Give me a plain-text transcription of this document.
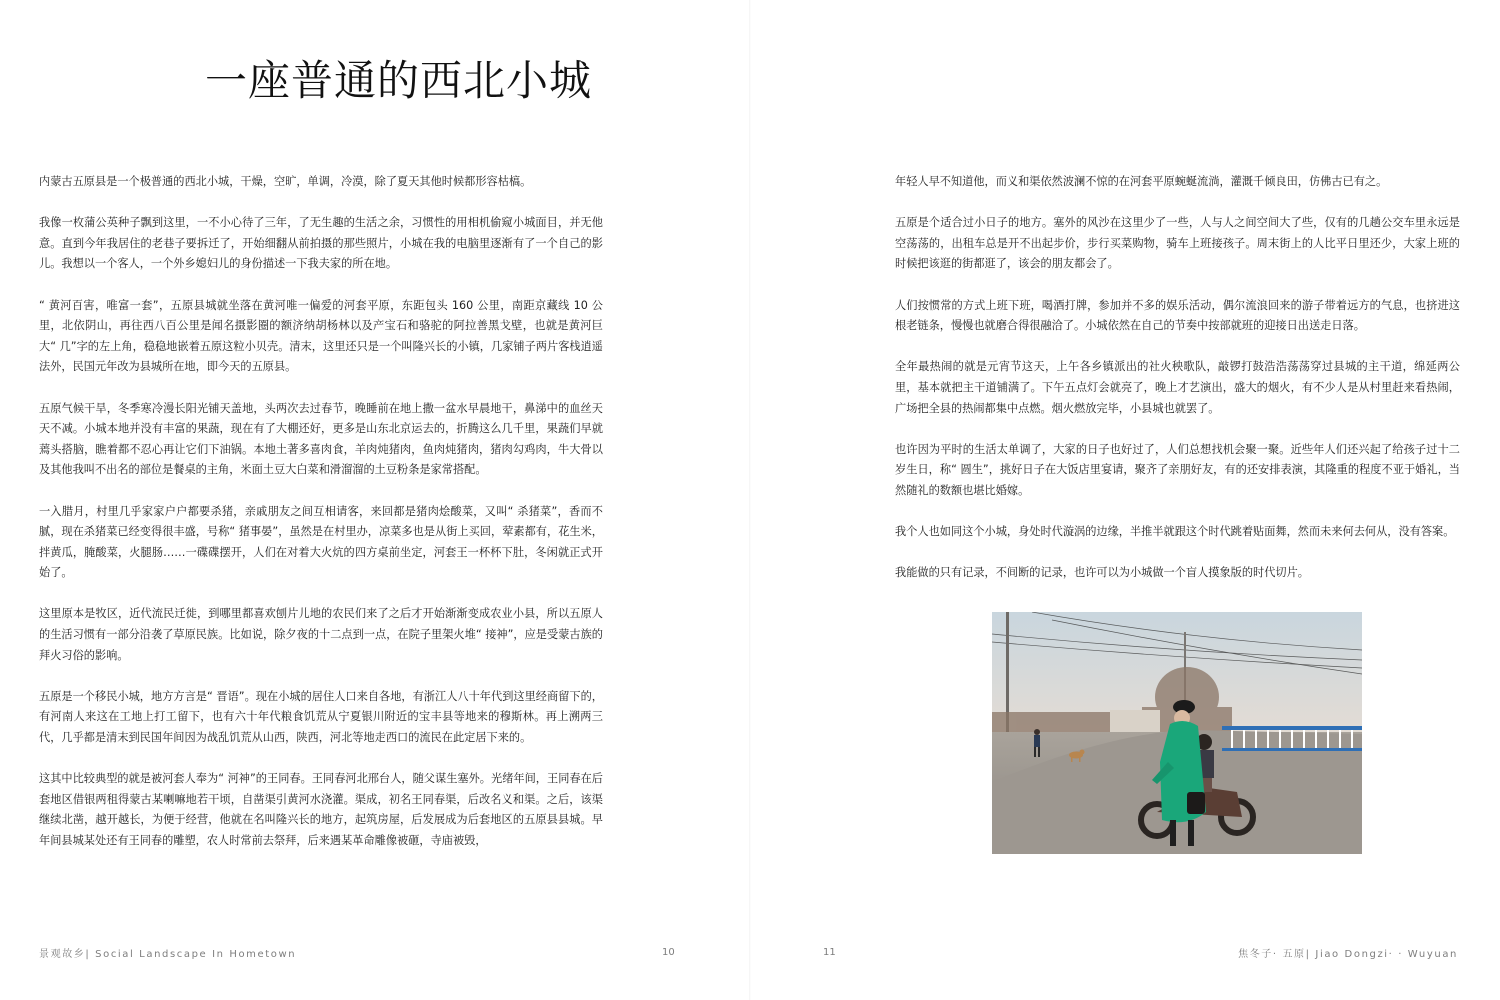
一座普通的西北小城

内蒙古五原县是一个极普通的西北小城，干燥，空旷，单调，冷漠，除了夏天其他时候都形容枯槁。

我像一枚蒲公英种子飘到这里，一不小心待了三年，了无生趣的生活之余，习惯性的用相机偷窥小城面目，并无他意。直到今年我居住的老巷子要拆迁了，开始细翻从前拍摄的那些照片，小城在我的电脑里逐渐有了一个自己的影儿。我想以一个客人，一个外乡媳妇儿的身份描述一下我夫家的所在地。

“ 黄河百害，唯富一套”，五原县城就坐落在黄河唯一偏爱的河套平原，东距包头 160 公里，南距京藏线 10 公里，北依阴山，再往西八百公里是闻名摄影圈的额济纳胡杨林以及产宝石和骆驼的阿拉善黑戈壁，也就是黄河巨大“ 几”字的左上角，稳稳地嵌着五原这粒小贝壳。清末，这里还只是一个叫隆兴长的小镇，几家铺子两片客栈逍遥法外，民国元年改为县城所在地，即今天的五原县。

五原气候干旱，冬季寒冷漫长阳光铺天盖地，头两次去过春节，晚睡前在地上撒一盆水早晨地干，鼻涕中的血丝天天不减。小城本地并没有丰富的果蔬，现在有了大棚还好，更多是山东北京运去的，折腾这么几千里，果蔬们早就蔫头搭脑，瞧着都不忍心再让它们下油锅。本地土著多喜肉食，羊肉炖猪肉，鱼肉炖猪肉，猪肉勾鸡肉，牛大骨以及其他我叫不出名的部位是餐桌的主角，米面土豆大白菜和滑溜溜的土豆粉条是家常搭配。

一入腊月，村里几乎家家户户都要杀猪，亲戚朋友之间互相请客，来回都是猪肉烩酸菜，又叫“ 杀猪菜”，香而不腻，现在杀猪菜已经变得很丰盛，号称“ 猪事晏”，虽然是在村里办，凉菜多也是从街上买回，荤素都有，花生米，拌黄瓜，腌酸菜，火腿肠……一碟碟摆开，人们在对着大火炕的四方桌前坐定，河套王一杯杯下肚，冬闲就正式开始了。

这里原本是牧区，近代流民迁徙，到哪里都喜欢刨片儿地的农民们来了之后才开始渐渐变成农业小县，所以五原人的生活习惯有一部分沿袭了草原民族。比如说，除夕夜的十二点到一点，在院子里架火堆“ 接神”，应是受蒙古族的拜火习俗的影响。

五原是一个移民小城，地方方言是“ 晋语”。现在小城的居住人口来自各地，有浙江人八十年代到这里经商留下的，有河南人来这在工地上打工留下，也有六十年代粮食饥荒从宁夏银川附近的宝丰县等地来的穆斯林。再上溯两三代，几乎都是清末到民国年间因为战乱饥荒从山西，陕西，河北等地走西口的流民在此定居下来的。

这其中比较典型的就是被河套人奉为“ 河神”的王同春。王同春河北邢台人，随父谋生塞外。光绪年间，王同春在后套地区借银两租得蒙古某喇嘛地若干顷，自凿渠引黄河水浇灌。渠成，初名王同春渠，后改名义和渠。之后，该渠继续北凿，越开越长，为便于经营，他就在名叫隆兴长的地方，起筑房屋，后发展成为后套地区的五原县县城。早年间县城某处还有王同春的雕塑，农人时常前去祭拜，后来遇某革命雕像被砸，寺庙被毁，

景观故乡| Social Landscape In Hometown	10

年轻人早不知道他，而义和渠依然波澜不惊的在河套平原蜿蜒流淌，灌溉千倾良田，仿佛古已有之。

五原是个适合过小日子的地方。塞外的风沙在这里少了一些，人与人之间空间大了些，仅有的几趟公交车里永远是空荡荡的，出租车总是开不出起步价，步行买菜购物，骑车上班接孩子。周末街上的人比平日里还少，大家上班的时候把该逛的街都逛了，该会的朋友都会了。

人们按惯常的方式上班下班，喝酒打牌，参加并不多的娱乐活动，偶尔流浪回来的游子带着远方的气息，也挤进这根老链条，慢慢也就磨合得很融洽了。小城依然在自己的节奏中按部就班的迎接日出送走日落。

全年最热闹的就是元宵节这天，上午各乡镇派出的社火秧歌队，敲锣打鼓浩浩荡荡穿过县城的主干道，绵延两公里，基本就把主干道铺满了。下午五点灯会就亮了，晚上才艺演出，盛大的烟火，有不少人是从村里赶来看热闹，广场把全县的热闹都集中点燃。烟火燃放完毕，小县城也就罢了。

也许因为平时的生活太单调了，大家的日子也好过了，人们总想找机会聚一聚。近些年人们还兴起了给孩子过十二岁生日，称“ 圆生”，挑好日子在大饭店里宴请，聚齐了亲朋好友，有的还安排表演，其隆重的程度不亚于婚礼，当然随礼的数额也堪比婚嫁。

我个人也如同这个小城，身处时代漩涡的边缘，半推半就跟这个时代跳着贴面舞，然而未来何去何从，没有答案。

我能做的只有记录，不间断的记录，也许可以为小城做一个盲人摸象版的时代切片。

11	焦冬子· 五原| Jiao Dongzi· · Wuyuan
